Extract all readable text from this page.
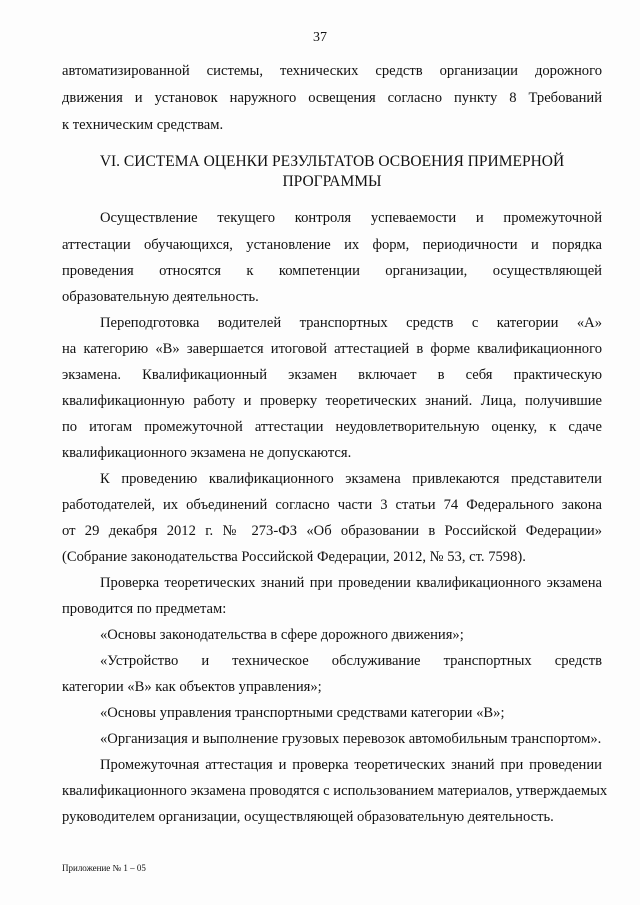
37
автоматизированной системы, технических средств организации дорожного
движения и установок наружного освещения согласно пункту 8 Требований
к техническим средствам.
VI. СИСТЕМА ОЦЕНКИ РЕЗУЛЬТАТОВ ОСВОЕНИЯ ПРИМЕРНОЙ
ПРОГРАММЫ
Осуществление текущего контроля успеваемости и промежуточной
аттестации обучающихся, установление их форм, периодичности и порядка
проведения относятся к компетенции организации, осуществляющей
образовательную деятельность.
Переподготовка водителей транспортных средств с категории «А»
на категорию «В» завершается итоговой аттестацией в форме квалификационного
экзамена. Квалификационный экзамен включает в себя практическую
квалификационную работу и проверку теоретических знаний. Лица, получившие
по итогам промежуточной аттестации неудовлетворительную оценку, к сдаче
квалификационного экзамена не допускаются.
К проведению квалификационного экзамена привлекаются представители
работодателей, их объединений согласно части 3 статьи 74 Федерального закона
от 29 декабря 2012 г. № 273-ФЗ «Об образовании в Российской Федерации»
(Собрание законодательства Российской Федерации, 2012, № 53, ст. 7598).
Проверка теоретических знаний при проведении квалификационного экзамена
проводится по предметам:
«Основы законодательства в сфере дорожного движения»;
«Устройство и техническое обслуживание транспортных средств
категории «В» как объектов управления»;
«Основы управления транспортными средствами категории «В»;
«Организация и выполнение грузовых перевозок автомобильным транспортом».
Промежуточная аттестация и проверка теоретических знаний при проведении
квалификационного экзамена проводятся с использованием материалов, утверждаемых
руководителем организации, осуществляющей образовательную деятельность.
Приложение № 1 – 05
